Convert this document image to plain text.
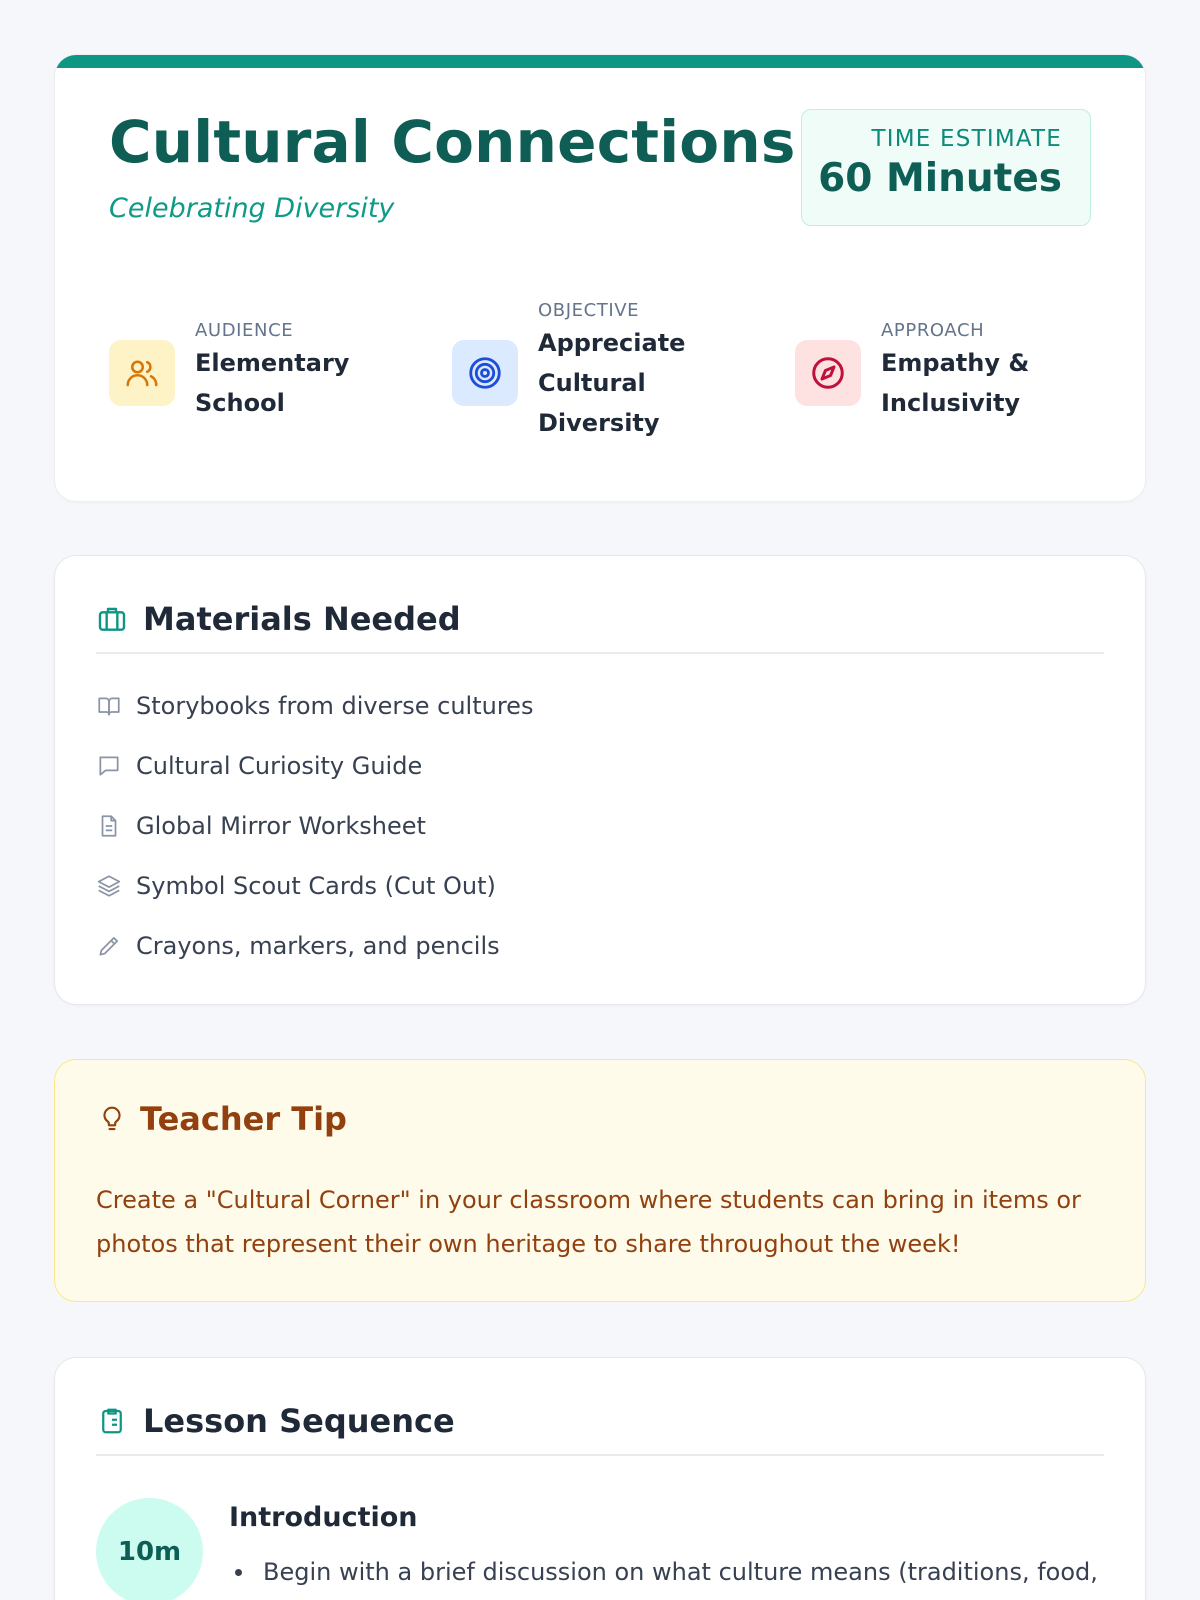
Cultural Connections
Celebrating Diversity
TIME ESTIMATE
60 Minutes
AUDIENCE
Elementary School
OBJECTIVE
Appreciate Cultural Diversity
APPROACH
Empathy & Inclusivity
Materials Needed
Storybooks from diverse cultures
Cultural Curiosity Guide
Global Mirror Worksheet
Symbol Scout Cards (Cut Out)
Crayons, markers, and pencils
Teacher Tip

Create a "Cultural Corner" in your classroom where students can bring in items or photos that represent their own heritage to share throughout the week!

Lesson Sequence
10m
Introduction
Begin with a brief discussion on what culture means (traditions, food,
